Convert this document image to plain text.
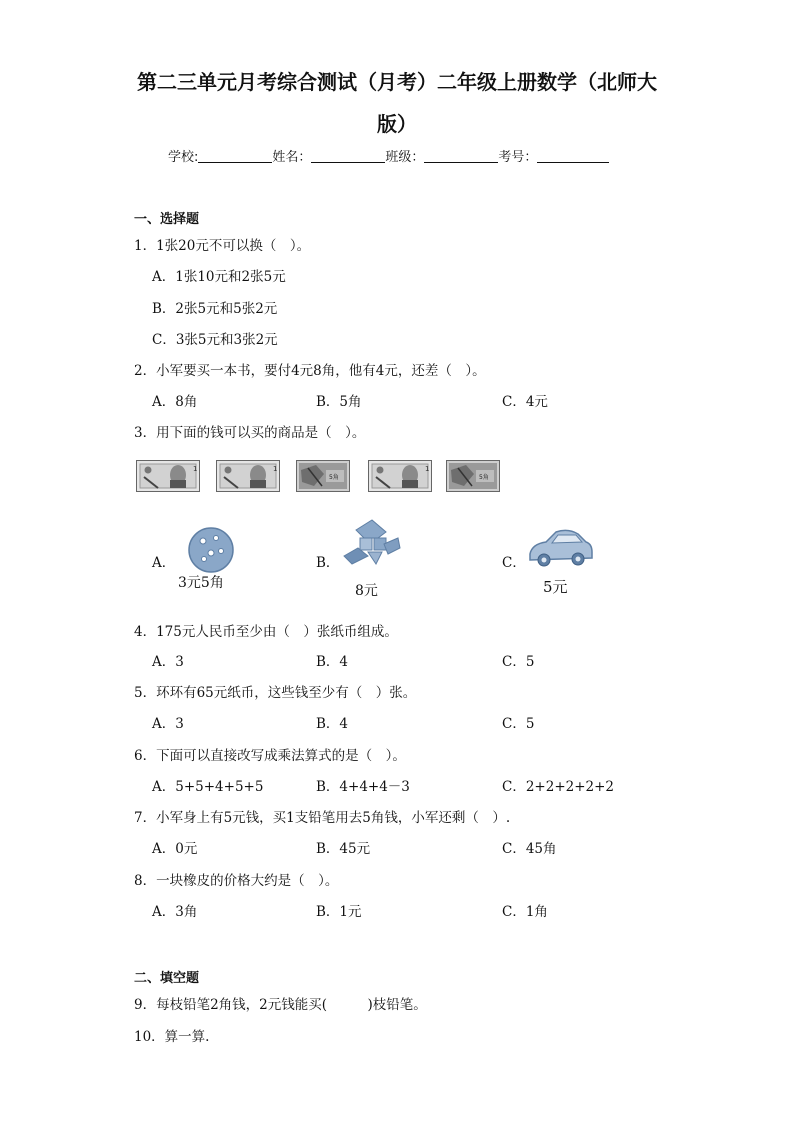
第二三单元月考综合测试（月考）二年级上册数学（北师大
版）
学校:	姓名：	班级：	考号：
一、选择题
1．1张20元不可以换（　）。
A．1张10元和2张5元
B．2张5元和5张2元
C．3张5元和3张2元
2．小军要买一本书，要付4元8角，他有4元，还差（　）。
A．8角	B．5角	C．4元
3．用下面的钱可以买的商品是（　）。
1	1
5角
1
5角
A．
3元5角
B．
8元
C．
5元
4．175元人民币至少由（　）张纸币组成。
A．3	B．4	C．5
5．环环有65元纸币，这些钱至少有（　）张。
A．3	B．4	C．5
6．下面可以直接改写成乘法算式的是（　）。
A．5+5+4+5+5	B．4+4+4－3	C．2+2+2+2+2
7．小军身上有5元钱，买1支铅笔用去5角钱，小军还剩（　）.
A．0元	B．45元	C．45角
8．一块橡皮的价格大约是（　）。
A．3角	B．1元	C．1角
二、填空题
9．每枝铅笔2角钱，2元钱能买(　　　)枝铅笔。
10．算一算.
